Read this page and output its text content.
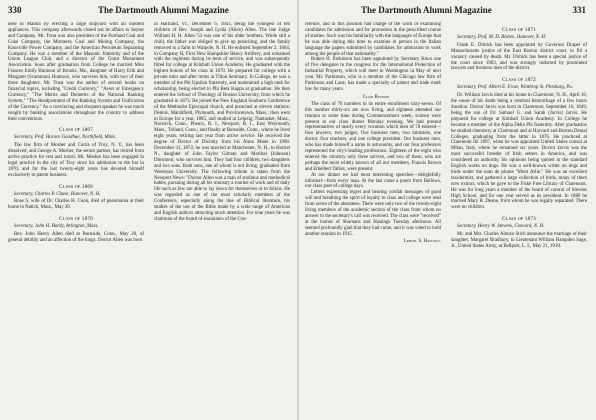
330	The Dartmouth Alumni Magazine

nese in Manila by erecting a large shipyard with all modern appliances. This company afterwards closed out its affairs to Seyser and Company. Mr. Treat was also president of the Portland Coal and Coke Company, the Monterey Coal and Mining Company, the Knoxville Power Company, and the American Petroleum Separating Company. He was a member of the Masonic fraternity and of the Union League Club, and a director of the Grant Monument Association. Soon after graduation from College he married Miss Frances Emily Huntoon of Brooks, Me., daughter of Harry Erlk and Margaret (Scammon) Huntoon, who survives him, with two of their three daughters. Mr. Treat was the author of several books on financial topics, including "Credit Currency," "Asset or Emergency Currency," "The Merits and Demerits of the National Banking System," "The Readjustment of the Banking System and Unification of the Currency." As a convincing and eloquent speaker he was much sought by banking associations throughout the country to address their conventions.

Class of 1867

Secretary, Prof. Horace Goodhue, Northfield, Minn.

The law firm of Mosher and Curtis of Troy, N. Y., has been dissolved, and George A. Mosher, the senior partner, has retired from active practice for rest and travel. Mr. Mosher has been engaged in legal practice in the city of Troy since his admission to the bar in 1870, and for the last twenty-eight years has devoted himself exclusively to patent business.

Class of 1869

Secretary, Charles P. Chase, Hanover, N. H.

Rose S. wife of Dr. Charles H. Cook, died of pneumonia at their home in Natick, Mass., May 30.

Class of 1870

Secretary, John H. Hardy, Arlington, Mass.

Rev. John Henry Allen died at Burnside, Conn., May 20, of general debility and an affection of the lungs. Doctor Allen was born

in Hartland, Vt., December 6, 1843, being the youngest of ten children of Rev. Joseph and Lydia (Allen) Allen. The late Judge William H. H. Allen '53 was one of his older brothers. While still a child, the father was obliged to give up preaching, and the family removed to a farm in Walpole, N. H. He enlisted September 2, 1864, in Company H, First New Hampshire Heavy Artillery, and remained with the regiment during its term of service, and was subsequently fitted for college at Kimball Union Academy. He graduated with the highest honors of his class in 1870. He prepared for college with a private tutor and after terms at Tilton Seminary. In College, he was a member of the Phi Upsilon fraternity, and maintained a high rank for scholarship, being elected to Phi Beta Kappa at graduation. He then entered the School of Theology of Boston University, from which he graduated in 1873. He joined the New England Southern Conference of the Methodist Episcopal church, and preached at eleven stations: Dennis, Marshfield, Plymouth, and Provincetown, Mass.; then went to Europe for a year, 1885, and studied at Leipzig; Nantasket, Mass., Norwich, Conn., Phenix, R. I., Newport, R. I., East Weymouth, Mass., Tolland, Conn.; and finally at Burnside, Conn., where he lived eight years, retiring last year from active service. He received the degree of Doctor of Divinity from his Alma Mater in 1908. December 31, 1874, he was married at Manchester, N. H., to Harriet N., daughter of John Taylor Gilman and Marlital (Johnson) Dinsmoor, who survives him. They had four children, two daughters and two sons. Both sons, one of whom is not living, graduated from Wesleyan University. The following tribute is taken from the Newport News: "Doctor Allen was a man of studious and methodical habits, pursuing during all his ministry a routine of work and of daily life such as few are able to lay down for themselves or to follow. He was regarded as one of the most scholarly members of the Conference, especially along the line of Biblical literature, his studies of the use of the Bible made by a wide range of American and English authors attracting much attention. For nine years he was chairman of the board of examiners of the Con-

The Dartmouth Alumni Magazine	331

ference, and in this position had charge of the work of examining candidates for admission and for promotion in the prescribed course of studies. Such was his familiarity with the languages of Europe that he was able during this time to examine in person in the Italian language the papers submitted by candidates for admission to work among the people of that nationality."

Robert H. Parkinson has been appointed by Secretary Knox one of five delegates to the congress for the International Protection of Industrial Property, which will meet in Washington in May of next year. Mr. Parkinson, who is a member of the Chicago law firm of Parkinson and Lane, has made a specialty of patent and trade mark law for many years.

Class Reunion

The class of 70 numbers in its entire enrollment sixty-seven. Of this number thirty-six are now living, and eighteen attended our reunion at some time during Commencement week; sixteen were present at our class dinner Monday evening. We had present representatives of nearly every vocation which men of 70 entered—four lawyers, two judges, five business men, two ministers, one doctor, four teachers, and one college president. Our business men, who has made himself a name in astronomy, and our four professors represented the city's leading professions. Eighteen of the eight who entered the ministry only three survive, and two of them, who are perhaps the most widely known of all our members, Francis Brown and Ethelbert Talbot, were present.

At our dinner we had most interesting speeches—delightfully informal—from every man. At the last came a poem from Bellows, our class poet of college days.

Letters expressing regret and bearing cordial messages of good will and breathing the spirit of loyalty to class and college were read from seven of the absentees. There were only two of the twenty-eight living members of the academic section of the class from whom no answer to the secretary's call was received. The class were "received" at the homes of Shumans and Hastings Tuesday afternoon. All seemed profoundly glad that they had come, and it was voted to hold another reunion in 1915.

Lemuel S. Hastings.

Class of 1871

Secretary, Prof. M. D. Bisbee, Hanover, N. H.

Frank E. Dimick has been appointed by Governor Draper of Massachusetts justice of the East Boston district court, to fill a vacancy caused by death. Mr. Dimick has been a special justice of the court since 1903, and was strongly indorsed by prominent lawyers and business men of the district.

Class of 1872

Secretary, Prof. Albert E. Frost, Winthrop St. Pittsburg, Pa.

Dr. William Jarvis died at his home in Claremont, N. H., April 16, the cause of his death being a cerebral hemorrhage of a few hours duration. Doctor Jarvis was born in Claremont, September 16, 1849, being the son of Dr. Samuel G. and Sarah (Jarvis) Jarvis. He prepared for college at Kimball Union Academy. In College he became a member of the Alpha Delta Phi fraternity. After graduation he studied chemistry at Claremont and at Harvard and Boston Dental Colleges, graduating from the latter in 1876. He practiced at Claremont till 1897, when he was appointed United States consul at Milan, Italy, where he remained six years. Doctor Jarvis was the most successful breeder of Irish setters in America, and was considered an authority, his opinions being quoted in the standard English works on dogs. He was a well-known writer on dogs and birds under the nom de plume "Mont Arlie." He was an excellent taxidermist, and gathered a large collection of birds, many of them now extinct, which he gave to the Fiske Free Library of Claremont. He was for long years a member of the board of control of Stevens High School, and for one year served as its president. In 1880 he married Mary B. Deane, from whom he was legally separated. There were no children.

Class of 1873

Secretary, Henry W. Stevens, Concord, N. H.

Mr. and Mrs. Charles Alonzo Stich announce the marriage of their daughter, Margaret Bradbury, to Lieutenant William Hampden Sage, Jr., United States Army, at Bellport, L. I., May 21, 1910.
